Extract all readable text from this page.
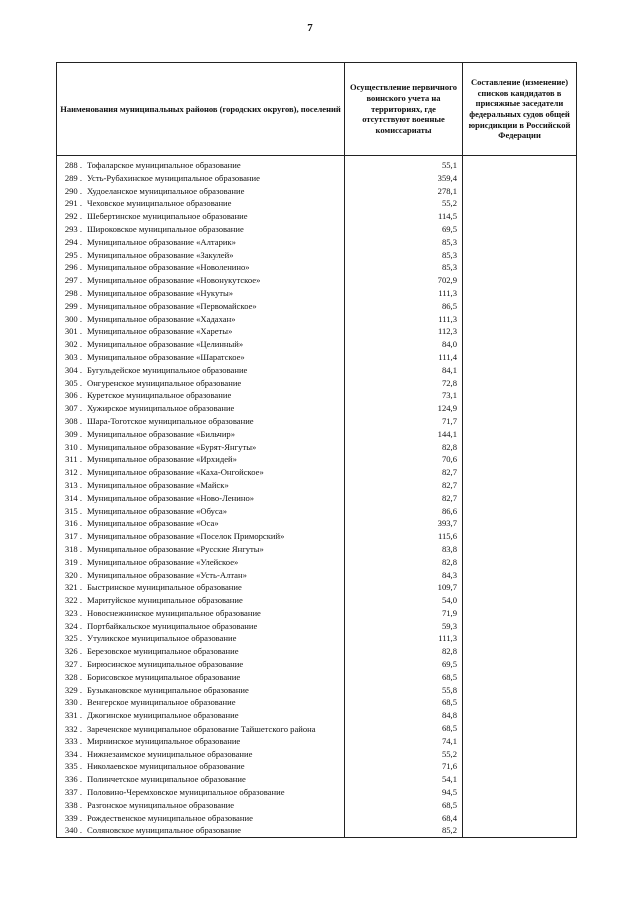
7
Наименования муниципальных районов (городских округов), поселений	Осуществление первичного воинского учета на территориях, где отсутствуют военные комиссариаты	Составление (изменение) списков кандидатов в присяжные заседатели федеральных судов общей юрисдикции в Российской Федерации
288 . Тофаларское муниципальное образование	55,1	
289 . Усть-Рубахинское муниципальное образование	359,4	
290 . Худоеланское муниципальное образование	278,1	
291 . Чеховское муниципальное образование	55,2	
292 . Шебертинское муниципальное образование	114,5	
293 . Широковское муниципальное образование	69,5	
294 . Муниципальное образование «Алтарик»	85,3	
295 . Муниципальное образование «Закулей»	85,3	
296 . Муниципальное образование «Новоленино»	85,3	
297 . Муниципальное образование «Новонукутское»	702,9	
298 . Муниципальное образование «Нукуты»	111,3	
299 . Муниципальное образование «Первомайское»	86,5	
300 . Муниципальное образование «Хадахан»	111,3	
301 . Муниципальное образование «Хареты»	112,3	
302 . Муниципальное образование «Целинный»	84,0	
303 . Муниципальное образование «Шаратское»	111,4	
304 . Бугульдейское муниципальное образование	84,1	
305 . Онгуренское муниципальное образование	72,8	
306 . Куретское муниципальное образование	73,1	
307 . Хужирское муниципальное образование	124,9	
308 . Шара-Тоготское муниципальное образование	71,7	
309 . Муниципальное образование «Бильчир»	144,1	
310 . Муниципальное образование «Бурят-Янгуты»	82,8	
311 . Муниципальное образование «Ирхидей»	70,6	
312 . Муниципальное образование «Каха-Онгойское»	82,7	
313 . Муниципальное образование «Майск»	82,7	
314 . Муниципальное образование «Ново-Ленино»	82,7	
315 . Муниципальное образование «Обуса»	86,6	
316 . Муниципальное образование «Оса»	393,7	
317 . Муниципальное образование «Поселок Приморский»	115,6	
318 . Муниципальное образование «Русские Янгуты»	83,8	
319 . Муниципальное образование «Улейское»	82,8	
320 . Муниципальное образование «Усть-Алтан»	84,3	
321 . Быстринское муниципальное образование	109,7	
322 . Маритуйское муниципальное образование	54,0	
323 . Новоснежнинское муниципальное образование	71,9	
324 . Портбайкальское муниципальное образование	59,3	
325 . Утуликское муниципальное образование	111,3	
326 . Березовское муниципальное образование	82,8	
327 . Бирюсинское муниципальное образование	69,5	
328 . Борисовское муниципальное образование	68,5	
329 . Бузыкановское муниципальное образование	55,8	
330 . Венгерское муниципальное образование	68,5	
331 . Джогинское муниципальное образование	84,8	
332 . Зареченское муниципальное образование Тайшетского района	68,5	
333 . Мирнинское муниципальное образование	74,1	
334 . Нижнезаимское муниципальное образование	55,2	
335 . Николаевское муниципальное образование	71,6	
336 . Полинчетское муниципальное образование	54,1	
337 . Половино-Черемховское муниципальное образование	94,5	
338 . Разгонское муниципальное образование	68,5	
339 . Рождественское муниципальное образование	68,4	
340 . Соляновское муниципальное образование	85,2	
